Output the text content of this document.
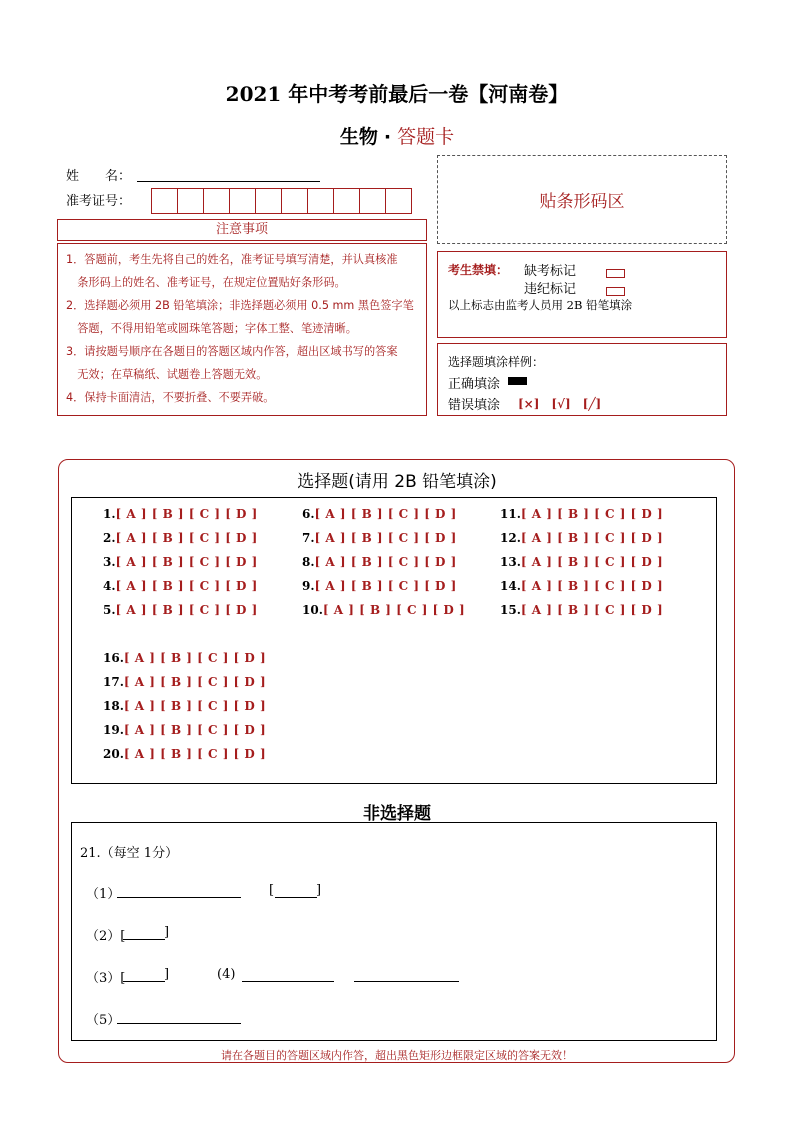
2021 年中考考前最后一卷【河南卷】
生物 · 答题卡
姓　　名：
准考证号：	贴条形码区
注意事项
1．答题前，考生先将自己的姓名，准考证号填写清楚，并认真核准
　条形码上的姓名、准考证号，在规定位置贴好条形码。
2．选择题必须用 2B 铅笔填涂；非选择题必须用 0.5 mm 黑色签字笔
　答题，不得用铅笔或圆珠笔答题；字体工整、笔迹清晰。
3．请按题号顺序在各题目的答题区域内作答，超出区域书写的答案
　无效；在草稿纸、试题卷上答题无效。
4．保持卡面清洁，不要折叠、不要弄破。
考生禁填： 缺考标记
违纪标记
以上标志由监考人员用 2B 铅笔填涂
选择题填涂样例：
正确填涂
错误填涂 [×]　[√]　[╱]
选择题(请用 2B 铅笔填涂)
1.[ A ] [ B ] [ C ] [ D ]
2.[ A ] [ B ] [ C ] [ D ]
3.[ A ] [ B ] [ C ] [ D ]
4.[ A ] [ B ] [ C ] [ D ]
5.[ A ] [ B ] [ C ] [ D ]
6.[ A ] [ B ] [ C ] [ D ]
7.[ A ] [ B ] [ C ] [ D ]
8.[ A ] [ B ] [ C ] [ D ]
9.[ A ] [ B ] [ C ] [ D ]
10.[ A ] [ B ] [ C ] [ D ]
11.[ A ] [ B ] [ C ] [ D ]
12.[ A ] [ B ] [ C ] [ D ]
13.[ A ] [ B ] [ C ] [ D ]
14.[ A ] [ B ] [ C ] [ D ]
15.[ A ] [ B ] [ C ] [ D ]
16.[ A ] [ B ] [ C ] [ D ]
17.[ A ] [ B ] [ C ] [ D ]
18.[ A ] [ B ] [ C ] [ D ]
19.[ A ] [ B ] [ C ] [ D ]
20.[ A ] [ B ] [ C ] [ D ]
非选择题
21.（每空 1分）
（1）	[	]
（2）[	]
（3）[	]	(4)
（5）
请在各题目的答题区域内作答，超出黑色矩形边框限定区域的答案无效！
